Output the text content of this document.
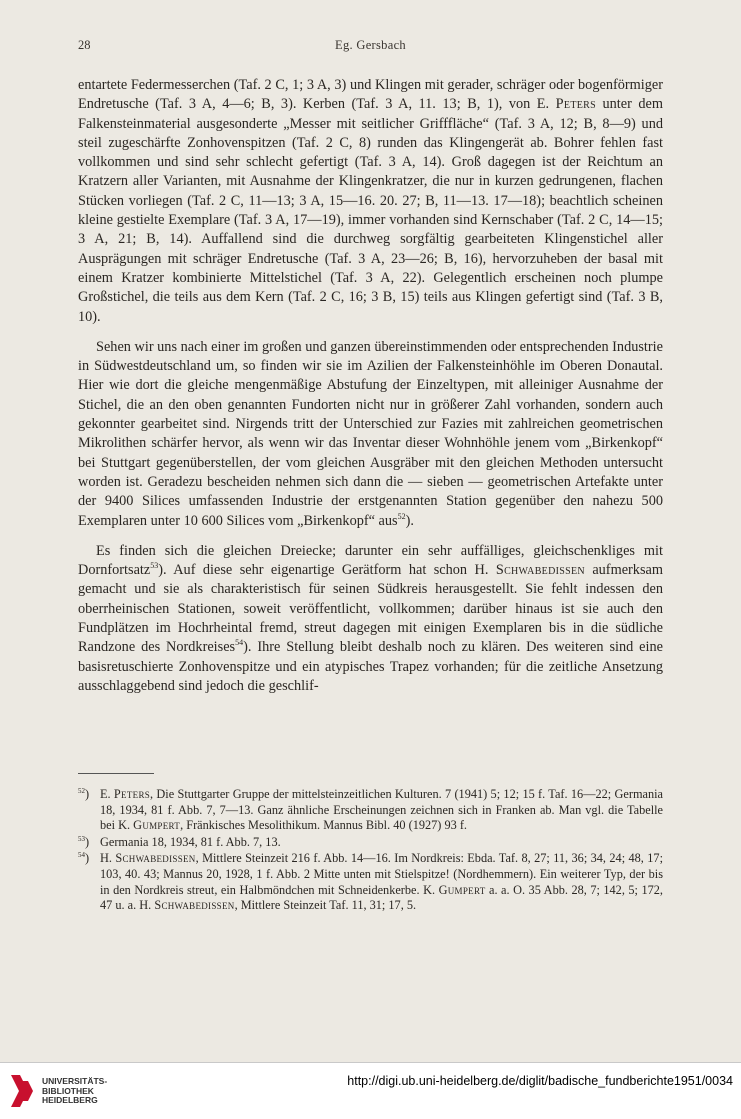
28	Eg. Gersbach

entartete Federmesserchen (Taf. 2 C, 1; 3 A, 3) und Klingen mit gerader, schräger oder bogenförmiger Endretusche (Taf. 3 A, 4—6; B, 3). Kerben (Taf. 3 A, 11. 13; B, 1), von E. Peters unter dem Falkensteinmaterial ausgesonderte „Messer mit seitlicher Grifffläche“ (Taf. 3 A, 12; B, 8—9) und steil zugeschärfte Zonhovenspitzen (Taf. 2 C, 8) runden das Klingengerät ab. Bohrer fehlen fast vollkommen und sind sehr schlecht gefertigt (Taf. 3 A, 14). Groß dagegen ist der Reichtum an Kratzern aller Varianten, mit Ausnahme der Klingenkratzer, die nur in kurzen gedrungenen, flachen Stücken vorliegen (Taf. 2 C, 11—13; 3 A, 15—16. 20. 27; B, 11—13. 17—18); beachtlich scheinen kleine gestielte Exemplare (Taf. 3 A, 17—19), immer vorhanden sind Kernschaber (Taf. 2 C, 14—15; 3 A, 21; B, 14). Auffallend sind die durchweg sorgfältig gearbeiteten Klingenstichel aller Ausprägungen mit schräger Endretusche (Taf. 3 A, 23—26; B, 16), hervorzuheben der basal mit einem Kratzer kombinierte Mittelstichel (Taf. 3 A, 22). Gelegentlich erscheinen noch plumpe Großstichel, die teils aus dem Kern (Taf. 2 C, 16; 3 B, 15) teils aus Klingen gefertigt sind (Taf. 3 B, 10).

Sehen wir uns nach einer im großen und ganzen übereinstimmenden oder entsprechenden Industrie in Südwestdeutschland um, so finden wir sie im Azilien der Falkensteinhöhle im Oberen Donautal. Hier wie dort die gleiche mengenmäßige Abstufung der Einzeltypen, mit alleiniger Ausnahme der Stichel, die an den oben genannten Fundorten nicht nur in größerer Zahl vorhanden, sondern auch gekonnter gearbeitet sind. Nirgends tritt der Unterschied zur Fazies mit zahlreichen geometrischen Mikrolithen schärfer hervor, als wenn wir das Inventar dieser Wohnhöhle jenem vom „Birkenkopf“ bei Stuttgart gegenüberstellen, der vom gleichen Ausgräber mit den gleichen Methoden untersucht worden ist. Geradezu bescheiden nehmen sich dann die — sieben — geometrischen Artefakte unter der 9400 Silices umfassenden Industrie der erstgenannten Station gegenüber den nahezu 500 Exemplaren unter 10 600 Silices vom „Birkenkopf“ aus$^{52}$).

Es finden sich die gleichen Dreiecke; darunter ein sehr auffälliges, gleichschenkliges mit Dornfortsatz$^{53}$). Auf diese sehr eigenartige Gerätform hat schon H. Schwabedissen aufmerksam gemacht und sie als charakteristisch für seinen Südkreis herausgestellt. Sie fehlt indessen den oberrheinischen Stationen, soweit veröffentlicht, vollkommen; darüber hinaus ist sie auch den Fundplätzen im Hochrheintal fremd, streut dagegen mit einigen Exemplaren bis in die südliche Randzone des Nordkreises$^{54}$). Ihre Stellung bleibt deshalb noch zu klären. Des weiteren sind eine basisretuschierte Zonhovenspitze und ein atypisches Trapez vorhanden; für die zeitliche Ansetzung ausschlaggebend sind jedoch die geschlif-

$^{52}$) E. Peters, Die Stuttgarter Gruppe der mittelsteinzeitlichen Kulturen. 7 (1941) 5; 12; 15 f. Taf. 16—22; Germania 18, 1934, 81 f. Abb. 7, 7—13. Ganz ähnliche Erscheinungen zeichnen sich in Franken ab. Man vgl. die Tabelle bei K. Gumpert, Fränkisches Mesolithikum. Mannus Bibl. 40 (1927) 93 f.
$^{53}$) Germania 18, 1934, 81 f. Abb. 7, 13.
$^{54}$) H. Schwabedissen, Mittlere Steinzeit 216 f. Abb. 14—16. Im Nordkreis: Ebda. Taf. 8, 27; 11, 36; 34, 24; 48, 17; 103, 40. 43; Mannus 20, 1928, 1 f. Abb. 2 Mitte unten mit Stielspitze! (Nordhemmern). Ein weiterer Typ, der bis in den Nordkreis streut, ein Halbmöndchen mit Schneidenkerbe. K. Gumpert a. a. O. 35 Abb. 28, 7; 142, 5; 172, 47 u. a. H. Schwabedissen, Mittlere Steinzeit Taf. 11, 31; 17, 5.
UNIVERSITÄTS-
BIBLIOTHEK
HEIDELBERG
http://digi.ub.uni-heidelberg.de/diglit/badische_fundberichte1951/0034
